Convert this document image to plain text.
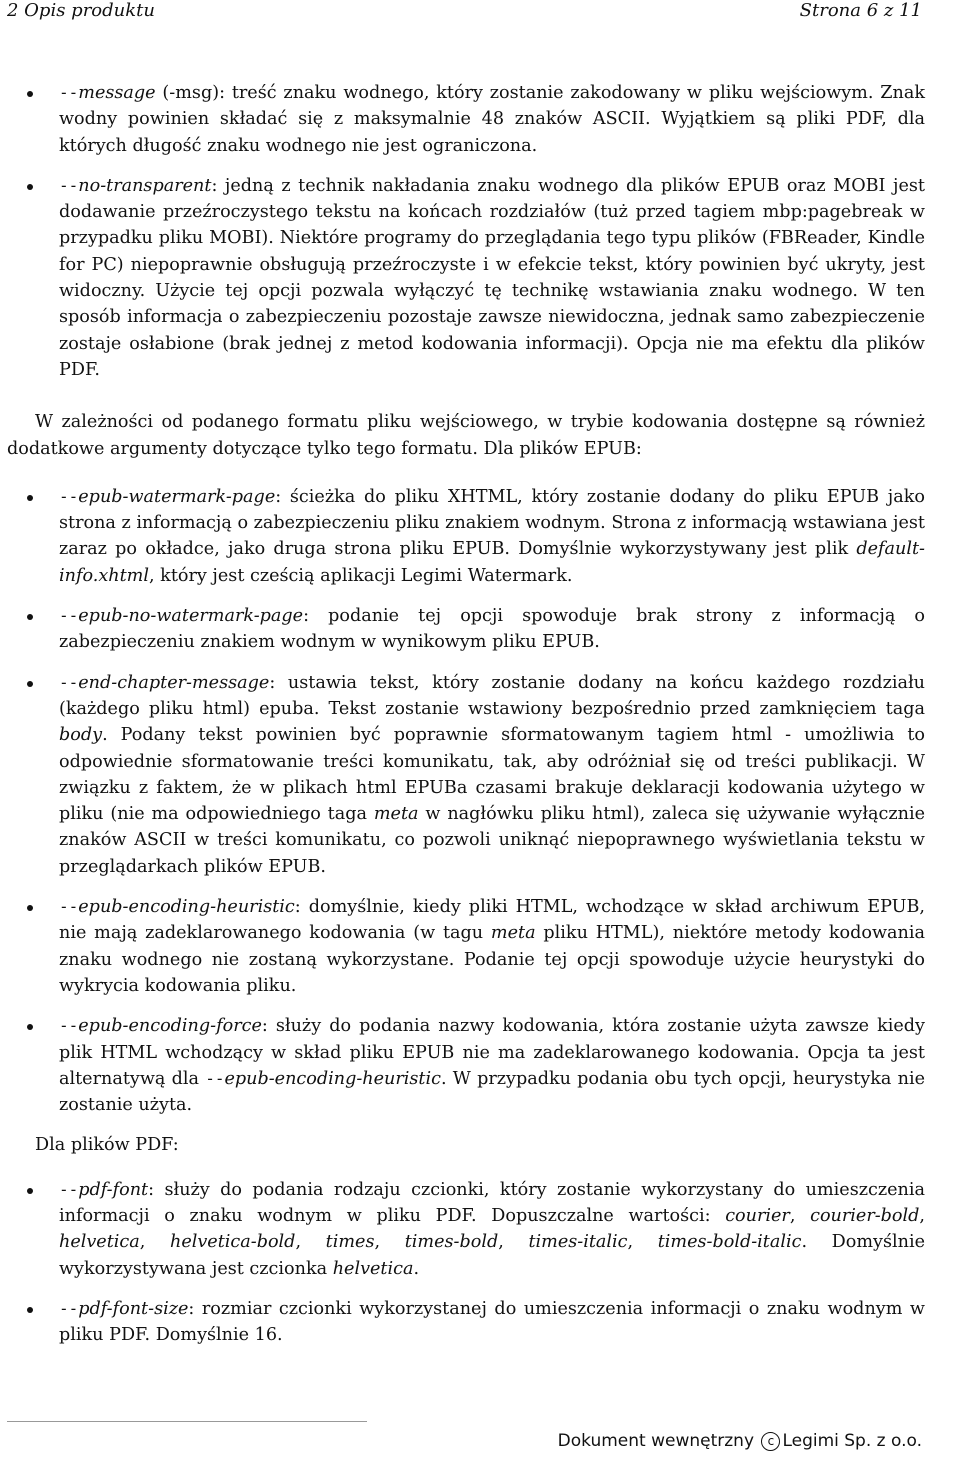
2 Opis produktu	Strona 6 z 11
--message (-msg): treść znaku wodnego, który zostanie zakodowany w pliku wejściowym. Znak wodny powinien składać się z maksymalnie 48 znaków ASCII. Wyjątkiem są pliki PDF, dla których długość znaku wodnego nie jest ograniczona.
--no-transparent: jedną z technik nakładania znaku wodnego dla plików EPUB oraz MOBI jest dodawanie przeźroczystego tekstu na końcach rozdziałów (tuż przed tagiem mbp:pagebreak w przypadku pliku MOBI). Niektóre programy do przeglądania tego typu plików (FBReader, Kindle for PC) niepoprawnie obsługują przeźroczyste i w efekcie tekst, który powinien być ukryty, jest widoczny. Użycie tej opcji pozwala wyłączyć tę technikę wstawiania znaku wodnego. W ten sposób informacja o zabezpieczeniu pozostaje zawsze niewidoczna, jednak samo zabezpieczenie zostaje osłabione (brak jednej z metod kodowania informacji). Opcja nie ma efektu dla plików PDF.

W zależności od podanego formatu pliku wejściowego, w trybie kodowania dostępne są również dodatkowe argumenty dotyczące tylko tego formatu. Dla plików EPUB:

--epub-watermark-page: ścieżka do pliku XHTML, który zostanie dodany do pliku EPUB jako strona z informacją o zabezpieczeniu pliku znakiem wodnym. Strona z informacją wstawiana jest zaraz po okładce, jako druga strona pliku EPUB. Domyślnie wykorzystywany jest plik default-info.xhtml, który jest cześcią aplikacji Legimi Watermark.
--epub-no-watermark-page: podanie tej opcji spowoduje brak strony z informacją o zabezpieczeniu znakiem wodnym w wynikowym pliku EPUB.
--end-chapter-message: ustawia tekst, który zostanie dodany na końcu każdego rozdziału (każdego pliku html) epuba. Tekst zostanie wstawiony bezpośrednio przed zamknięciem taga body. Podany tekst powinien być poprawnie sformatowanym tagiem html - umożliwia to odpowiednie sformatowanie treści komunikatu, tak, aby odróżniał się od treści publikacji. W związku z faktem, że w plikach html EPUBa czasami brakuje deklaracji kodowania użytego w pliku (nie ma odpowiedniego taga meta w nagłówku pliku html), zaleca się używanie wyłącznie znaków ASCII w treści komunikatu, co pozwoli uniknąć niepoprawnego wyświetlania tekstu w przeglądarkach plików EPUB.
--epub-encoding-heuristic: domyślnie, kiedy pliki HTML, wchodzące w skład archiwum EPUB, nie mają zadeklarowanego kodowania (w tagu meta pliku HTML), niektóre metody kodowania znaku wodnego nie zostaną wykorzystane. Podanie tej opcji spowoduje użycie heurystyki do wykrycia kodowania pliku.
--epub-encoding-force: służy do podania nazwy kodowania, która zostanie użyta zawsze kiedy plik HTML wchodzący w skład pliku EPUB nie ma zadeklarowanego kodowania. Opcja ta jest alternatywą dla --epub-encoding-heuristic. W przypadku podania obu tych opcji, heurystyka nie zostanie użyta.

Dla plików PDF:

--pdf-font: służy do podania rodzaju czcionki, który zostanie wykorzystany do umieszczenia informacji o znaku wodnym w pliku PDF. Dopuszczalne wartości: courier, courier-bold, helvetica, helvetica-bold, times, times-bold, times-italic, times-bold-italic. Domyślnie wykorzystywana jest czcionka helvetica.
--pdf-font-size: rozmiar czcionki wykorzystanej do umieszczenia informacji o znaku wodnym w pliku PDF. Domyślnie 16.
Dokument wewnętrzny c Legimi Sp. z o.o.
